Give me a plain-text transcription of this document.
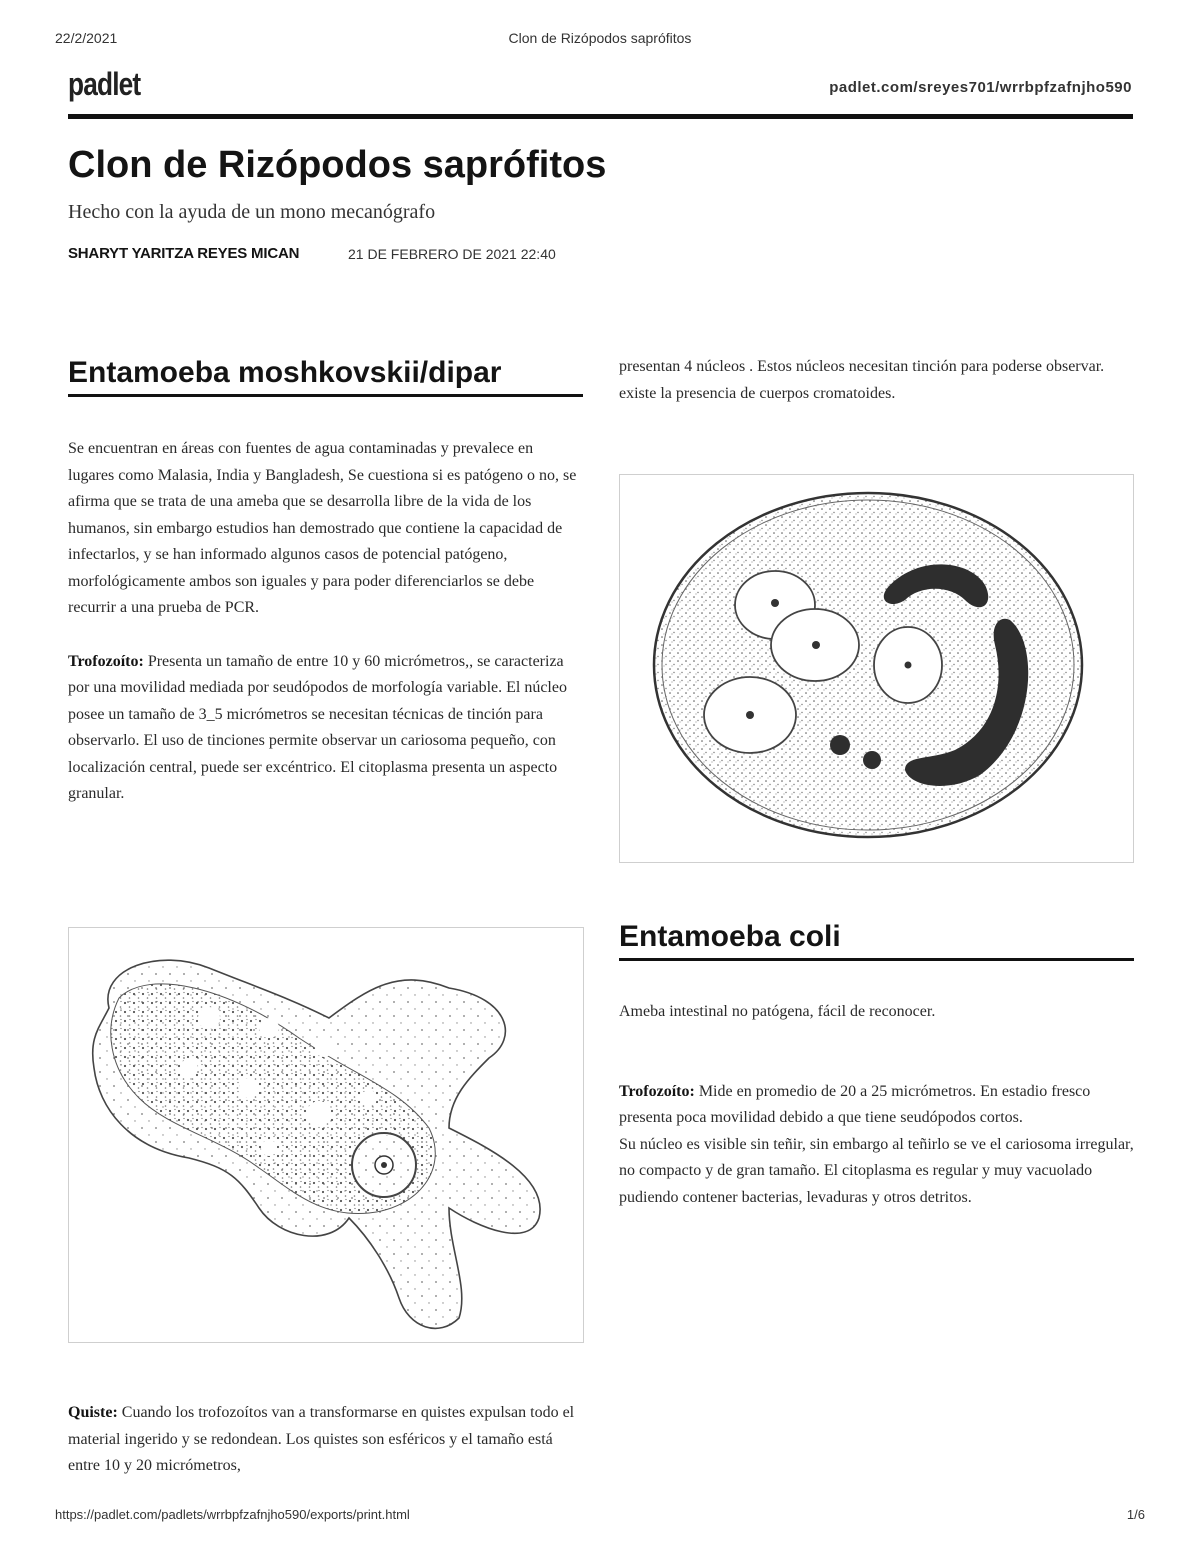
22/2/2021	Clon de Rizópodos saprófitos
padlet	padlet.com/sreyes701/wrrbpfzafnjho590
Clon de Rizópodos saprófitos
Hecho con la ayuda de un mono mecanógrafo
SHARYT YARITZA REYES MICAN	21 DE FEBRERO DE 2021 22:40
Entamoeba moshkovskii/dipar

Se encuentran en áreas con fuentes de agua contaminadas y prevalece en lugares como Malasia, India y Bangladesh, Se cuestiona si es patógeno o no, se afirma que se trata de una ameba que se desarrolla libre de la vida de los humanos, sin embargo estudios han demostrado que contiene la capacidad de infectarlos, y se han informado algunos casos de potencial patógeno, morfológicamente ambos son iguales y para poder diferenciarlos se debe recurrir a una prueba de PCR.

Trofozoíto: Presenta un tamaño de entre 10 y 60 micrómetros,, se caracteriza por una movilidad mediada por seudópodos de morfología variable. El núcleo posee un tamaño de 3_5 micrómetros se necesitan técnicas de tinción para observarlo. El uso de tinciones permite observar un cariosoma pequeño, con localización central, puede ser excéntrico. El citoplasma presenta un aspecto granular.

Quiste: Cuando los trofozoítos van a transformarse en quistes expulsan todo el material ingerido y se redondean. Los quistes son esféricos y el tamaño está entre 10 y 20 micrómetros,

presentan 4 núcleos . Estos núcleos necesitan tinción para poderse observar. existe la presencia de cuerpos cromatoides.

Entamoeba coli

Ameba intestinal no patógena, fácil de reconocer.

Trofozoíto: Mide en promedio de 20 a 25 micrómetros. En estadio fresco presenta poca movilidad debido a que tiene seudópodos cortos.

Su núcleo es visible sin teñir, sin embargo al teñirlo se ve el cariosoma irregular, no compacto y de gran tamaño. El citoplasma es regular y muy vacuolado pudiendo contener bacterias, levaduras y otros detritos.

https://padlet.com/padlets/wrrbpfzafnjho590/exports/print.html	1/6
